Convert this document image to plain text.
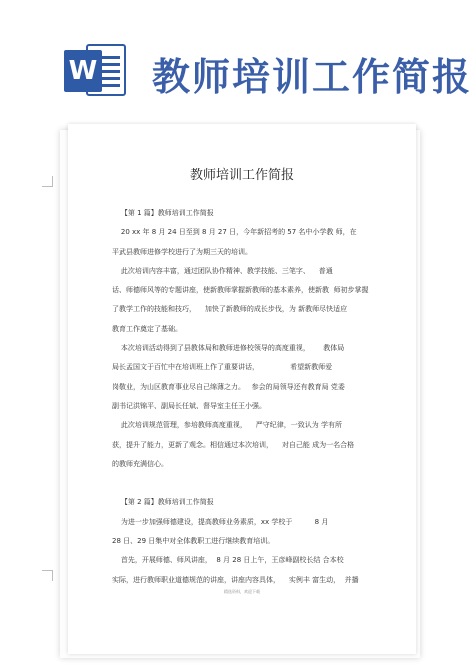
W 教师培训工作简报
教师培训工作简报

【第 1 篇】教师培训工作简报

20 xx 年 8 月 24 日至到 8 月 27 日，今年新招考的 57 名中小学教 师，在

平武县教师进修学校进行了为期三天的培训。

此次培训内容丰富，通过团队协作精神、教学技能、三笔字、    普通

话、师德师风等的专题讲座，使新教师掌握新教师的基本素养，使新教  师初步掌握

了教学工作的技能和技巧，    加快了新教师的成长步伐，为 新教师尽快适应

教育工作奠定了基础。

本次培训活动得到了县教体局和教师进修校领导的高度重视，      教体局

局长孟国文于百忙中在培训班上作了重要讲话，              希望新教师爱

岗敬业，为山区教育事业尽自己绵薄之力。   参会的局领导还有教育局 党委

副书记洪锦平、副局长任斌、督导室主任王小强。

此次培训规范管理，参培教师高度重视，    严守纪律，一致认为 学有所

获，提升了能力，更新了观念。相信通过本次培训，    对自己能 成为一名合格

的教师充满信心。

【第 2 篇】教师培训工作简报

为进一步加强师德建设，提高教师业务素质，xx 学校于          8 月

28 日、29 日集中对全体教职工进行继续教育培训。

首先，开展师德、师风讲座，  8 月 28 日上午，王彦峰副校长结 合本校

实际，进行教师职业道德规范的讲座，讲座内容具体，    实例丰 富生动，  并播

精选资料，欢迎下载
